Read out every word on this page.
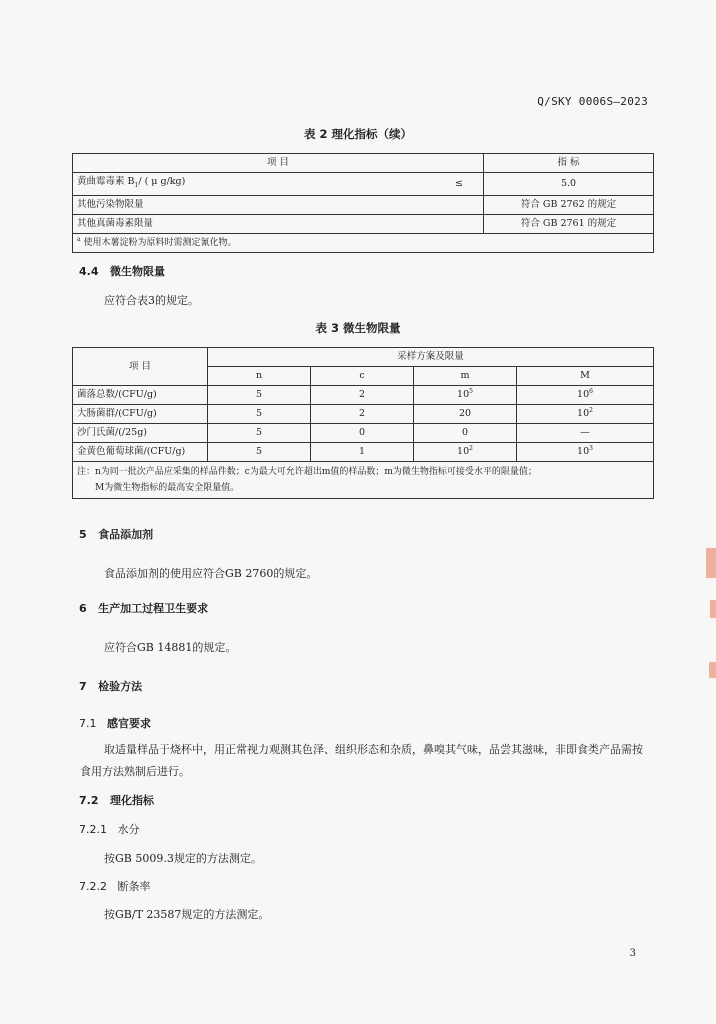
Q/SKY 0006S—2023
表 2 理化指标（续）
项 目		指 标
黄曲霉毒素 $B_1/$ ( μ g/kg)	≤	5.0
其他污染物限量		符合 GB 2762 的规定
其他真菌毒素限量		符合 GB 2761 的规定
$^a$ 使用木薯淀粉为原料时需测定氰化物。		
4.4 微生物限量
应符合表3的规定。
表 3 微生物限量
项 目	采样方案及限量			
	n	c	m	M
菌落总数/(CFU/g)	5	2	$10^5$	$10^6$
大肠菌群/(CFU/g)	5	2	20	$10^2$
沙门氏菌/(/25g)	5	0	0	—
金黄色葡萄球菌/(CFU/g)	5	1	$10^2$	$10^3$

注：n为同一批次产品应采集的样品件数；c为最大可允许超出m值的样品数；m为微生物指标可接受水平的限量值；
M为微生物指标的最高安全限量值。				
5 食品添加剂
食品添加剂的使用应符合GB 2760的规定。
6 生产加工过程卫生要求
应符合GB 14881的规定。
7 检验方法
7.1 感官要求
取适量样品于烧杯中，用正常视力观测其色泽、组织形态和杂质，鼻嗅其气味，品尝其滋味，非即食类产品需按食用方法熟制后进行。
7.2 理化指标
7.2.1 水分
按GB 5009.3规定的方法测定。
7.2.2 断条率
按GB/T 23587规定的方法测定。
3
